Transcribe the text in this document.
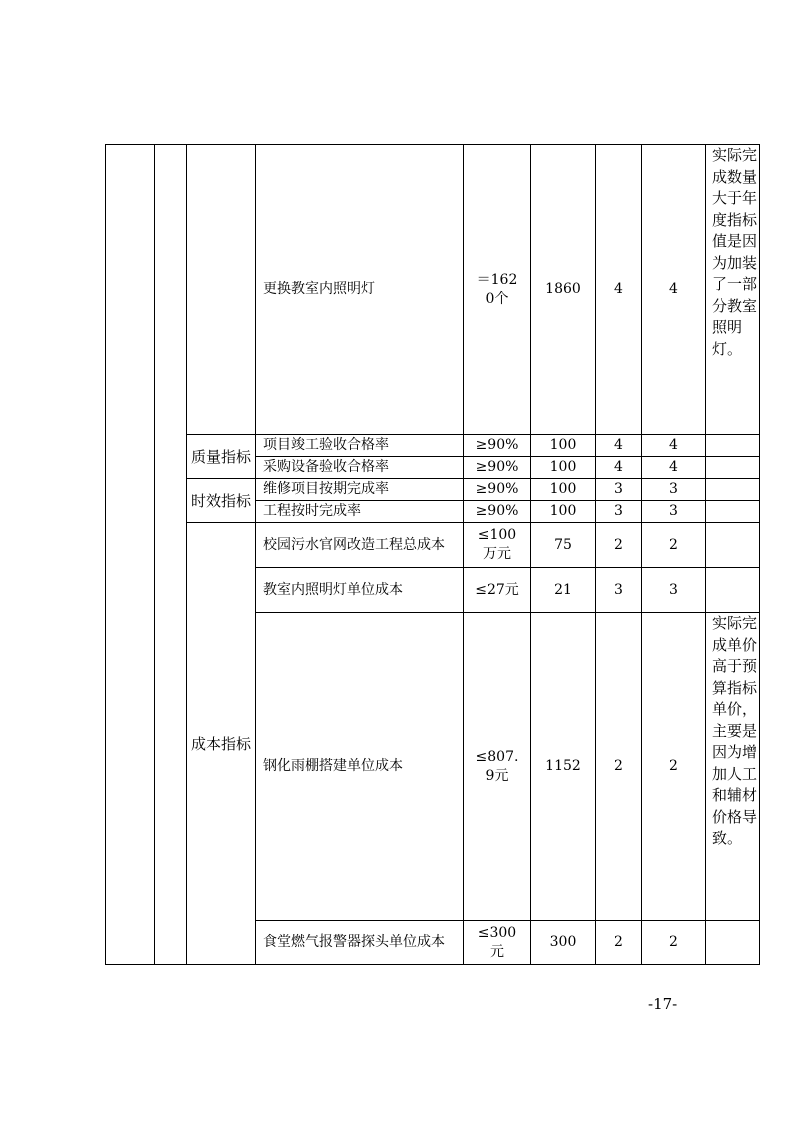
			更换教室内照明灯	＝1620个	1860	4	4	实际完成数量大于年度指标值是因为加装了一部分教室照明灯。

		质量指标	项目竣工验收合格率	≥90%	100	4	4	
			采购设备验收合格率	≥90%	100	4	4	
		时效指标	维修项目按期完成率	≥90%	100	3	3	
			工程按时完成率	≥90%	100	3	3	
		成本指标	校园污水官网改造工程总成本	≤100万元	75	2	2	
			教室内照明灯单位成本	≤27元	21	3	3	
			钢化雨棚搭建单位成本	≤807.9元	1152	2	2	实际完成单价高于预算指标单价，主要是因为增加人工和辅材价格导致。

			食堂燃气报警器探头单位成本	≤300元	300	2	2	
-17-
